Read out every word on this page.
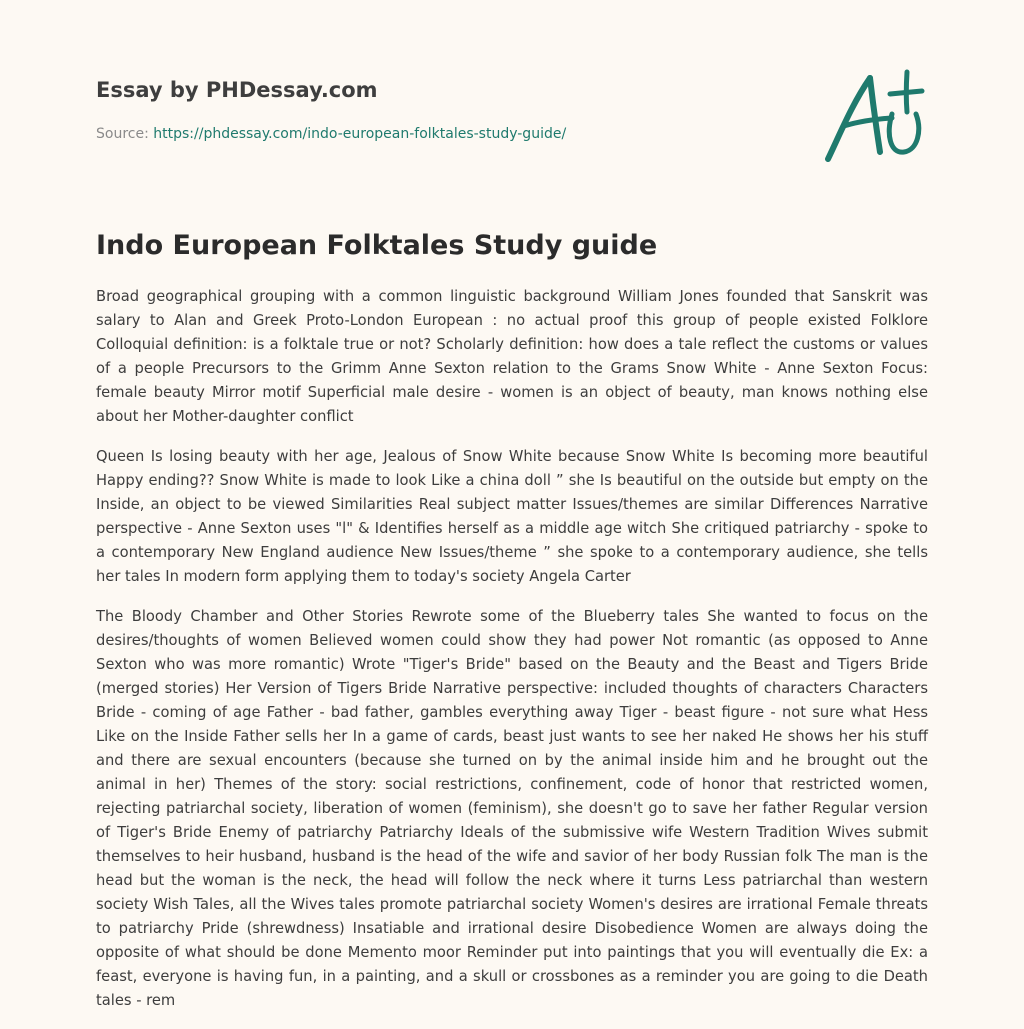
Essay by PHDessay.com
Source: https://phdessay.com/indo-european-folktales-study-guide/
Indo European Folktales Study guide

Broad geographical grouping with a common linguistic background William Jones founded that Sanskrit was salary to Alan and Greek Proto-London European : no actual proof this group of people existed Folklore Colloquial definition: is a folktale true or not? Scholarly definition: how does a tale reflect the customs or values of a people Precursors to the Grimm Anne Sexton relation to the Grams Snow White - Anne Sexton Focus: female beauty Mirror motif Superficial male desire - women is an object of beauty, man knows nothing else about her Mother-daughter conflict

Queen Is losing beauty with her age, Jealous of Snow White because Snow White Is becoming more beautiful Happy ending?? Snow White is made to look Like a china doll ” she Is beautiful on the outside but empty on the Inside, an object to be viewed Similarities Real subject matter Issues/themes are similar Differences Narrative perspective - Anne Sexton uses "l" & Identifies herself as a middle age witch She critiqued patriarchy - spoke to a contemporary New England audience New Issues/theme ” she spoke to a contemporary audience, she tells her tales In modern form applying them to today's society Angela Carter

The Bloody Chamber and Other Stories Rewrote some of the Blueberry tales She wanted to focus on the desires/thoughts of women Believed women could show they had power Not romantic (as opposed to Anne Sexton who was more romantic) Wrote "Tiger's Bride" based on the Beauty and the Beast and Tigers Bride (merged stories) Her Version of Tigers Bride Narrative perspective: included thoughts of characters Characters Bride - coming of age Father - bad father, gambles everything away Tiger - beast figure - not sure what Hess Like on the Inside Father sells her In a game of cards, beast just wants to see her naked He shows her his stuff and there are sexual encounters (because she turned on by the animal inside him and he brought out the animal in her) Themes of the story: social restrictions, confinement, code of honor that restricted women, rejecting patriarchal society, liberation of women (feminism), she doesn't go to save her father Regular version of Tiger's Bride Enemy of patriarchy Patriarchy Ideals of the submissive wife Western Tradition Wives submit themselves to heir husband, husband is the head of the wife and savior of her body Russian folk The man is the head but the woman is the neck, the head will follow the neck where it turns Less patriarchal than western society Wish Tales, all the Wives tales promote patriarchal society Women's desires are irrational Female threats to patriarchy Pride (shrewdness) Insatiable and irrational desire Disobedience Women are always doing the opposite of what should be done Memento moor Reminder put into paintings that you will eventually die Ex: a feast, everyone is having fun, in a painting, and a skull or crossbones as a reminder you are going to die Death tales - rem
